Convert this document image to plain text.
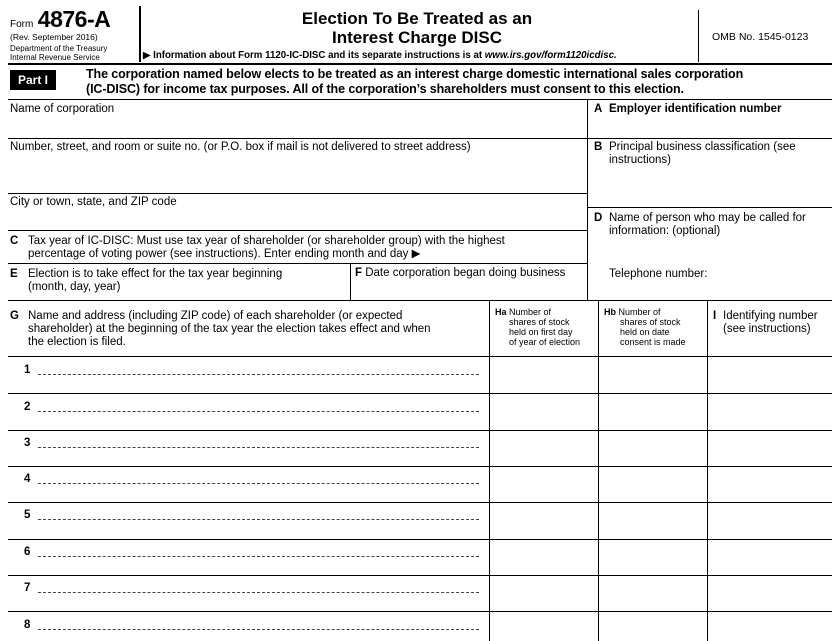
Form 4876-A
(Rev. September 2016)
Department of the Treasury
Internal Revenue Service
Election To Be Treated as an
Interest Charge DISC
▶ Information about Form 1120-IC-DISC and its separate instructions is at www.irs.gov/form1120icdisc.
OMB No. 1545-0123
Part I	The corporation named below elects to be treated as an interest charge domestic international sales corporation
(IC-DISC) for income tax purposes. All of the corporation’s shareholders must consent to this election.
Name of corporation
Number, street, and room or suite no. (or P.O. box if mail is not delivered to street address)
City or town, state, and ZIP code
C Tax year of IC-DISC: Must use tax year of shareholder (or shareholder group) with the highest
percentage of voting power (see instructions). Enter ending month and day ▶
E Election is to take effect for the tax year beginning
(month, day, year)
F Date corporation began doing business
A Employer identification number
B Principal business classification (see
instructions)
D Name of person who may be called for
information: (optional)
Telephone number:
G Name and address (including ZIP code) of each shareholder (or expected
shareholder) at the beginning of the tax year the election takes effect and when
the election is filed.
Ha Number of
shares of stock
held on first day
of year of election
Hb Number of
shares of stock
held on date
consent is made
I Identifying number
(see instructions)
1
2
3
4
5
6
7
8
